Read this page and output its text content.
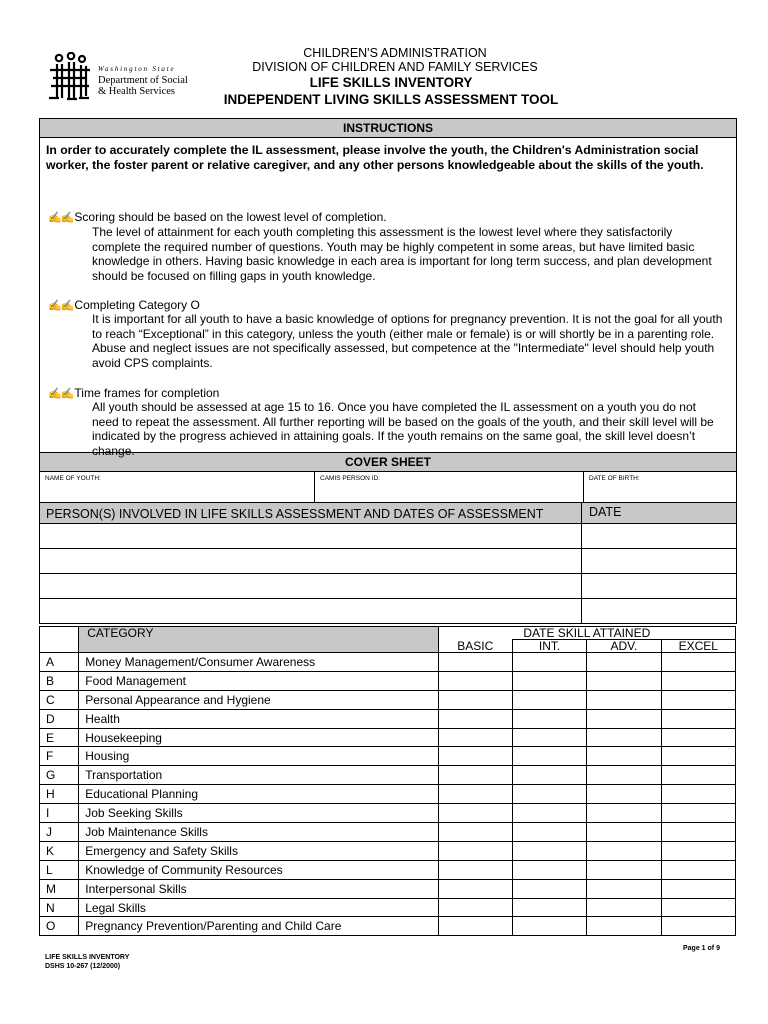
Washington State
Department of Social
& Health Services
CHILDREN'S ADMINISTRATION
DIVISION OF CHILDREN AND FAMILY SERVICES
LIFE SKILLS INVENTORY
INDEPENDENT LIVING SKILLS ASSESSMENT TOOL
INSTRUCTIONS
In order to accurately complete the IL assessment, please involve the youth, the Children's Administration social worker, the foster parent or relative caregiver, and any other persons knowledgeable about the skills of the youth.
✍✍Scoring should be based on the lowest level of completion.
The level of attainment for each youth completing this assessment is the lowest level where they satisfactorily complete the required number of questions. Youth may be highly competent in some areas, but have limited basic knowledge in others. Having basic knowledge in each area is important for long term success, and plan development should be focused on filling gaps in youth knowledge.
✍✍Completing Category O
It is important for all youth to have a basic knowledge of options for pregnancy prevention. It is not the goal for all youth to reach “Exceptional” in this category, unless the youth (either male or female) is or will shortly be in a parenting role. Abuse and neglect issues are not specifically assessed, but competence at the "Intermediate" level should help youth avoid CPS complaints.
✍✍Time frames for completion
All youth should be assessed at age 15 to 16. Once you have completed the IL assessment on a youth you do not need to repeat the assessment. All further reporting will be based on the goals of the youth, and their skill level will be indicated by the progress achieved in attaining goals. If the youth remains on the same goal, the skill level doesn’t change.
COVER SHEET
NAME OF YOUTH:	CAMIS PERSON ID:	DATE OF BIRTH:
PERSON(S) INVOLVED IN LIFE SKILLS ASSESSMENT AND DATES OF ASSESSMENT	DATE
	CATEGORY	DATE SKILL ATTAINED			
		BASIC	INT.	ADV.	EXCEL
A	Money Management/Consumer Awareness				
B	Food Management				
C	Personal Appearance and Hygiene				
D	Health				
E	Housekeeping				
F	Housing				
G	Transportation				
H	Educational Planning				
I	Job Seeking Skills				
J	Job Maintenance Skills				
K	Emergency and Safety Skills				
L	Knowledge of Community Resources				
M	Interpersonal Skills				
N	Legal Skills				
O	Pregnancy Prevention/Parenting and Child Care				
Page 1 of 9
LIFE SKILLS INVENTORY
DSHS 10-267 (12/2000)
